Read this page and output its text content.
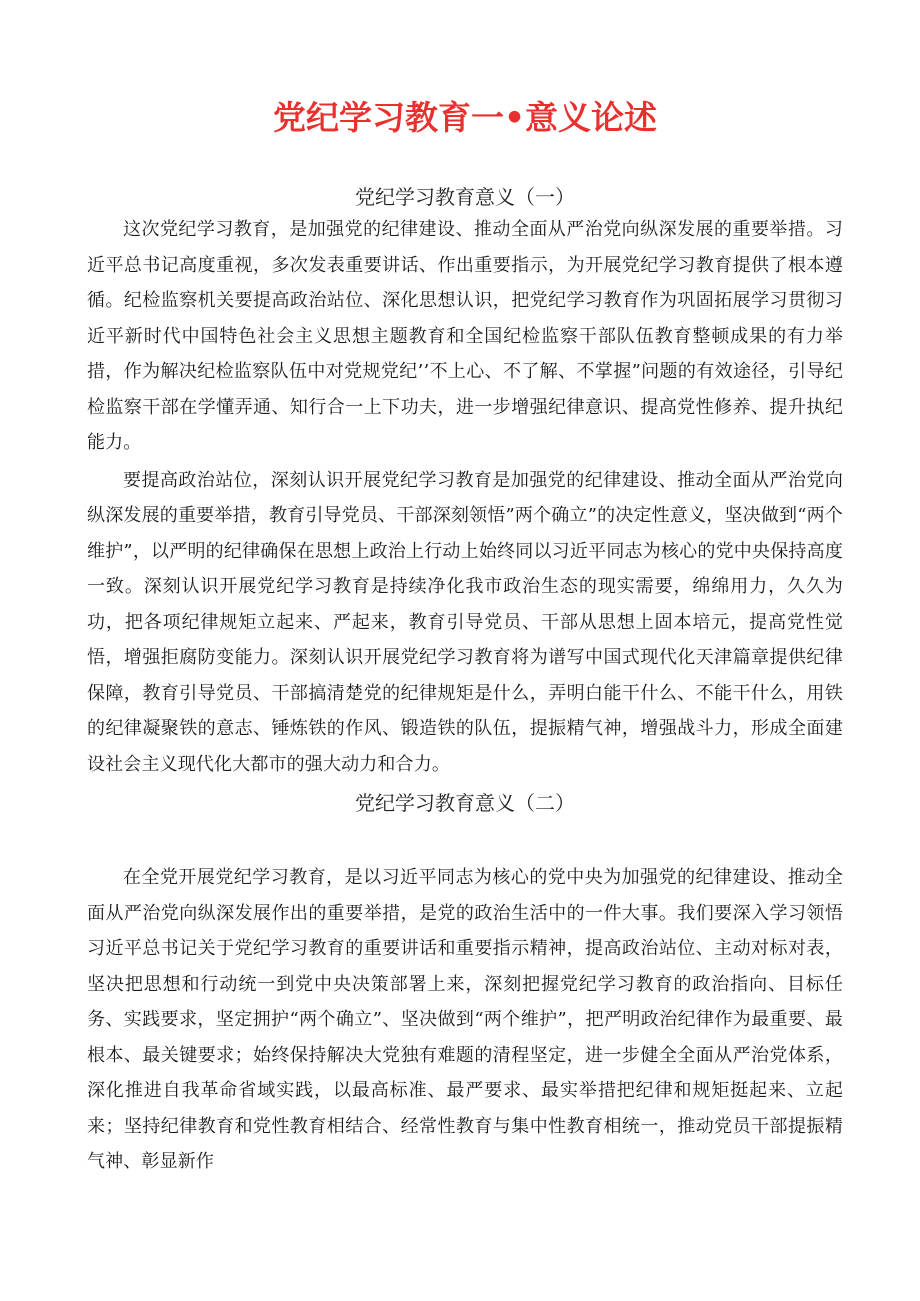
党纪学习教育一•意义论述
党纪学习教育意义（一）

这次党纪学习教育，是加强党的纪律建设、推动全面从严治党向纵深发展的重要举措。习近平总书记高度重视，多次发表重要讲话、作出重要指示，为开展党纪学习教育提供了根本遵循。纪检监察机关要提高政治站位、深化思想认识，把党纪学习教育作为巩固拓展学习贯彻习近平新时代中国特色社会主义思想主题教育和全国纪检监察干部队伍教育整顿成果的有力举措，作为解决纪检监察队伍中对党规党纪’’不上心、不了解、不掌握”问题的有效途径，引导纪检监察干部在学懂弄通、知行合一上下功夫，进一步增强纪律意识、提高党性修养、提升执纪能力。

要提高政治站位，深刻认识开展党纪学习教育是加强党的纪律建设、推动全面从严治党向纵深发展的重要举措，教育引导党员、干部深刻领悟”两个确立”的决定性意义，坚决做到“两个维护”，以严明的纪律确保在思想上政治上行动上始终同以习近平同志为核心的党中央保持高度一致。深刻认识开展党纪学习教育是持续净化我市政治生态的现实需要，绵绵用力，久久为功，把各项纪律规矩立起来、严起来，教育引导党员、干部从思想上固本培元，提高党性觉悟，增强拒腐防变能力。深刻认识开展党纪学习教育将为谱写中国式现代化天津篇章提供纪律保障，教育引导党员、干部搞清楚党的纪律规矩是什么，弄明白能干什么、不能干什么，用铁的纪律凝聚铁的意志、锤炼铁的作风、锻造铁的队伍，提振精气神，增强战斗力，形成全面建设社会主义现代化大都市的强大动力和合力。

党纪学习教育意义（二）

在全党开展党纪学习教育，是以习近平同志为核心的党中央为加强党的纪律建设、推动全面从严治党向纵深发展作出的重要举措，是党的政治生活中的一件大事。我们要深入学习领悟习近平总书记关于党纪学习教育的重要讲话和重要指示精神，提高政治站位、主动对标对表，坚决把思想和行动统一到党中央决策部署上来，深刻把握党纪学习教育的政治指向、目标任务、实践要求，坚定拥护“两个确立”、坚决做到“两个维护”，把严明政治纪律作为最重要、最根本、最关键要求；始终保持解决大党独有难题的清程坚定，进一步健全全面从严治党体系，深化推进自我革命省域实践，以最高标准、最严要求、最实举措把纪律和规矩挺起来、立起来；坚持纪律教育和党性教育相结合、经常性教育与集中性教育相统一，推动党员干部提振精气神、彰显新作
